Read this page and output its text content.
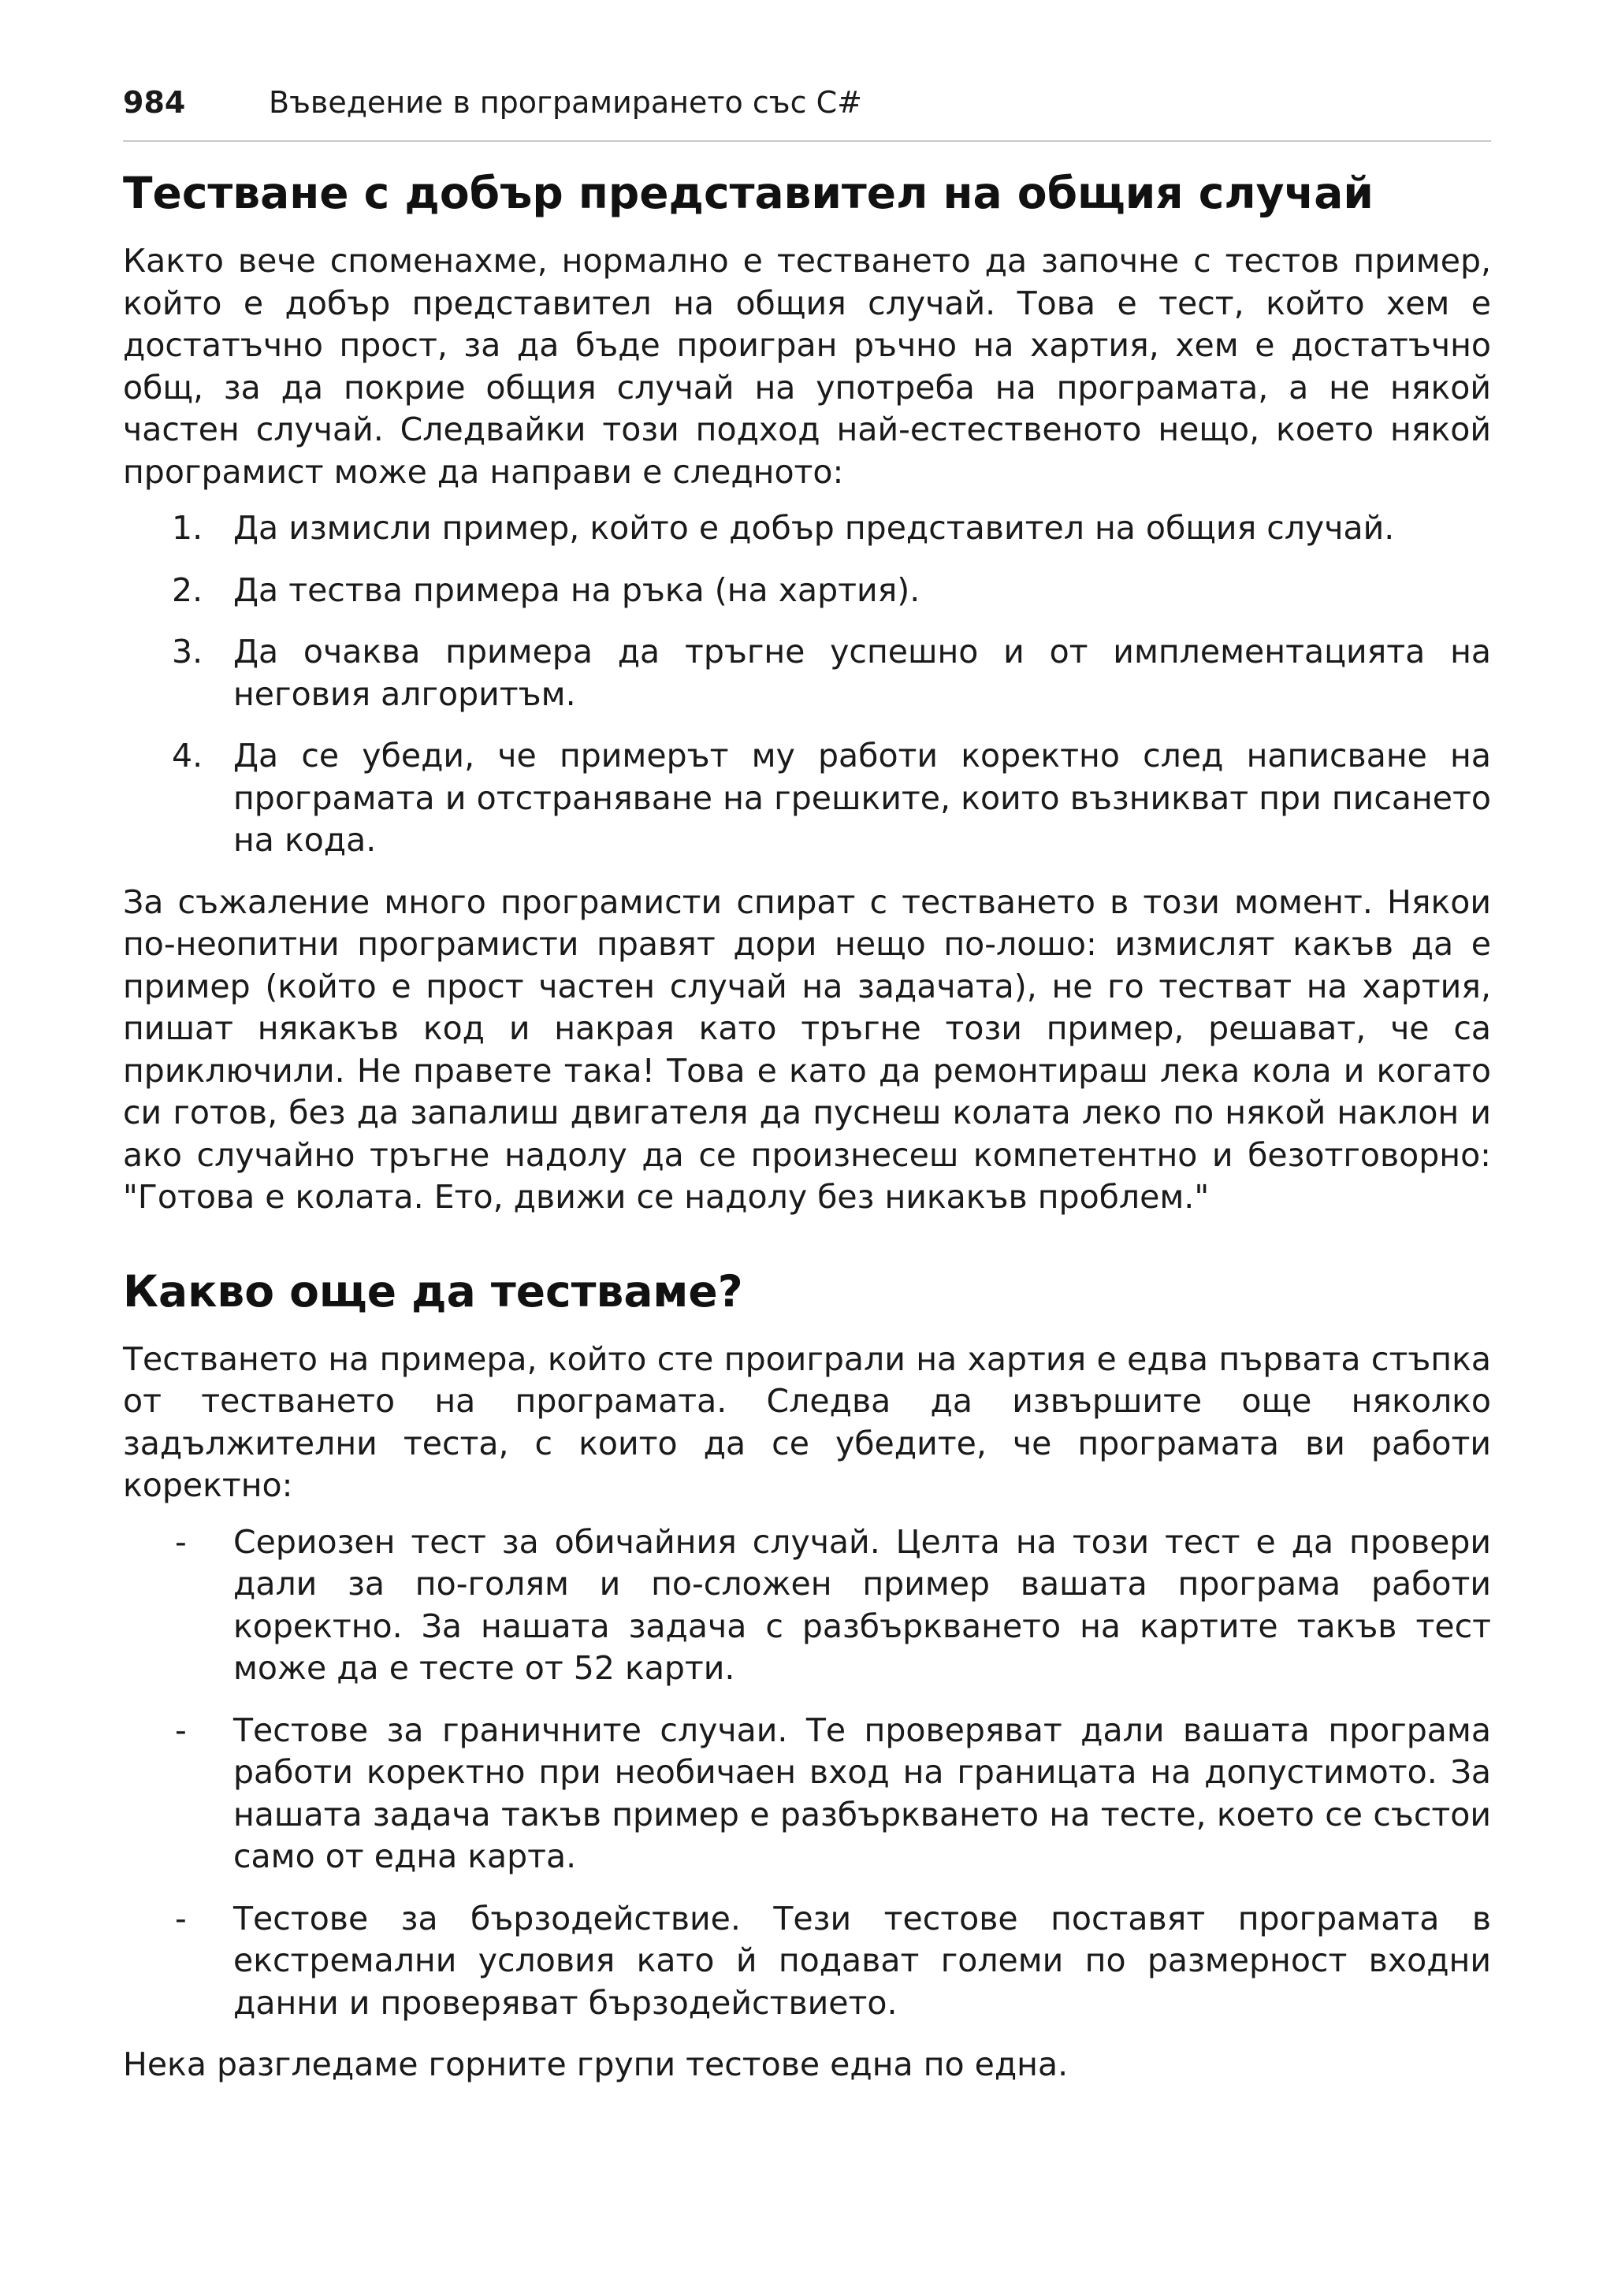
984	Въведение в програмирането със C#
Тестване с добър представител на общия случай

Както вече споменахме, нормално е тестването да започне с тестов пример, който е добър представител на общия случай. Това е тест, който хем е достатъчно прост, за да бъде проигран ръчно на хартия, хем е достатъчно общ, за да покрие общия случай на употреба на програмата, а не някой частен случай. Следвайки този подход най-естественото нещо, което някой програмист може да направи е следното:

1. Да измисли пример, който е добър представител на общия случай.
2. Да тества примера на ръка (на хартия).
3. Да очаква примера да тръгне успешно и от имплементацията на неговия алгоритъм.
4. Да се убеди, че примерът му работи коректно след написване на програмата и отстраняване на грешките, които възникват при писането на кода.

За съжаление много програмисти спират с тестването в този момент. Някои по-неопитни програмисти правят дори нещо по-лошо: измислят какъв да е пример (който е прост частен случай на задачата), не го тестват на хартия, пишат някакъв код и накрая като тръгне този пример, решават, че са приключили. Не правете така! Това е като да ремонтираш лека кола и когато си готов, без да запалиш двигателя да пуснеш колата леко по някой наклон и ако случайно тръгне надолу да се произнесеш компетентно и безотговорно: "Готова е колата. Ето, движи се надолу без никакъв проблем."

Какво още да тестваме?

Тестването на примера, който сте проиграли на хартия е едва първата стъпка от тестването на програмата. Следва да извършите още няколко задължителни теста, с които да се убедите, че програмата ви работи коректно:

- Сериозен тест за обичайния случай. Целта на този тест е да провери дали за по-голям и по-сложен пример вашата програма работи коректно. За нашата задача с разбъркването на картите такъв тест може да е тесте от 52 карти.
- Тестове за граничните случаи. Те проверяват дали вашата програма работи коректно при необичаен вход на границата на допустимото. За нашата задача такъв пример е разбъркването на тесте, което се състои само от една карта.
- Тестове за бързодействие. Тези тестове поставят програмата в екстремални условия като й подават големи по размерност входни данни и проверяват бързодействието.

Нека разгледаме горните групи тестове една по една.
